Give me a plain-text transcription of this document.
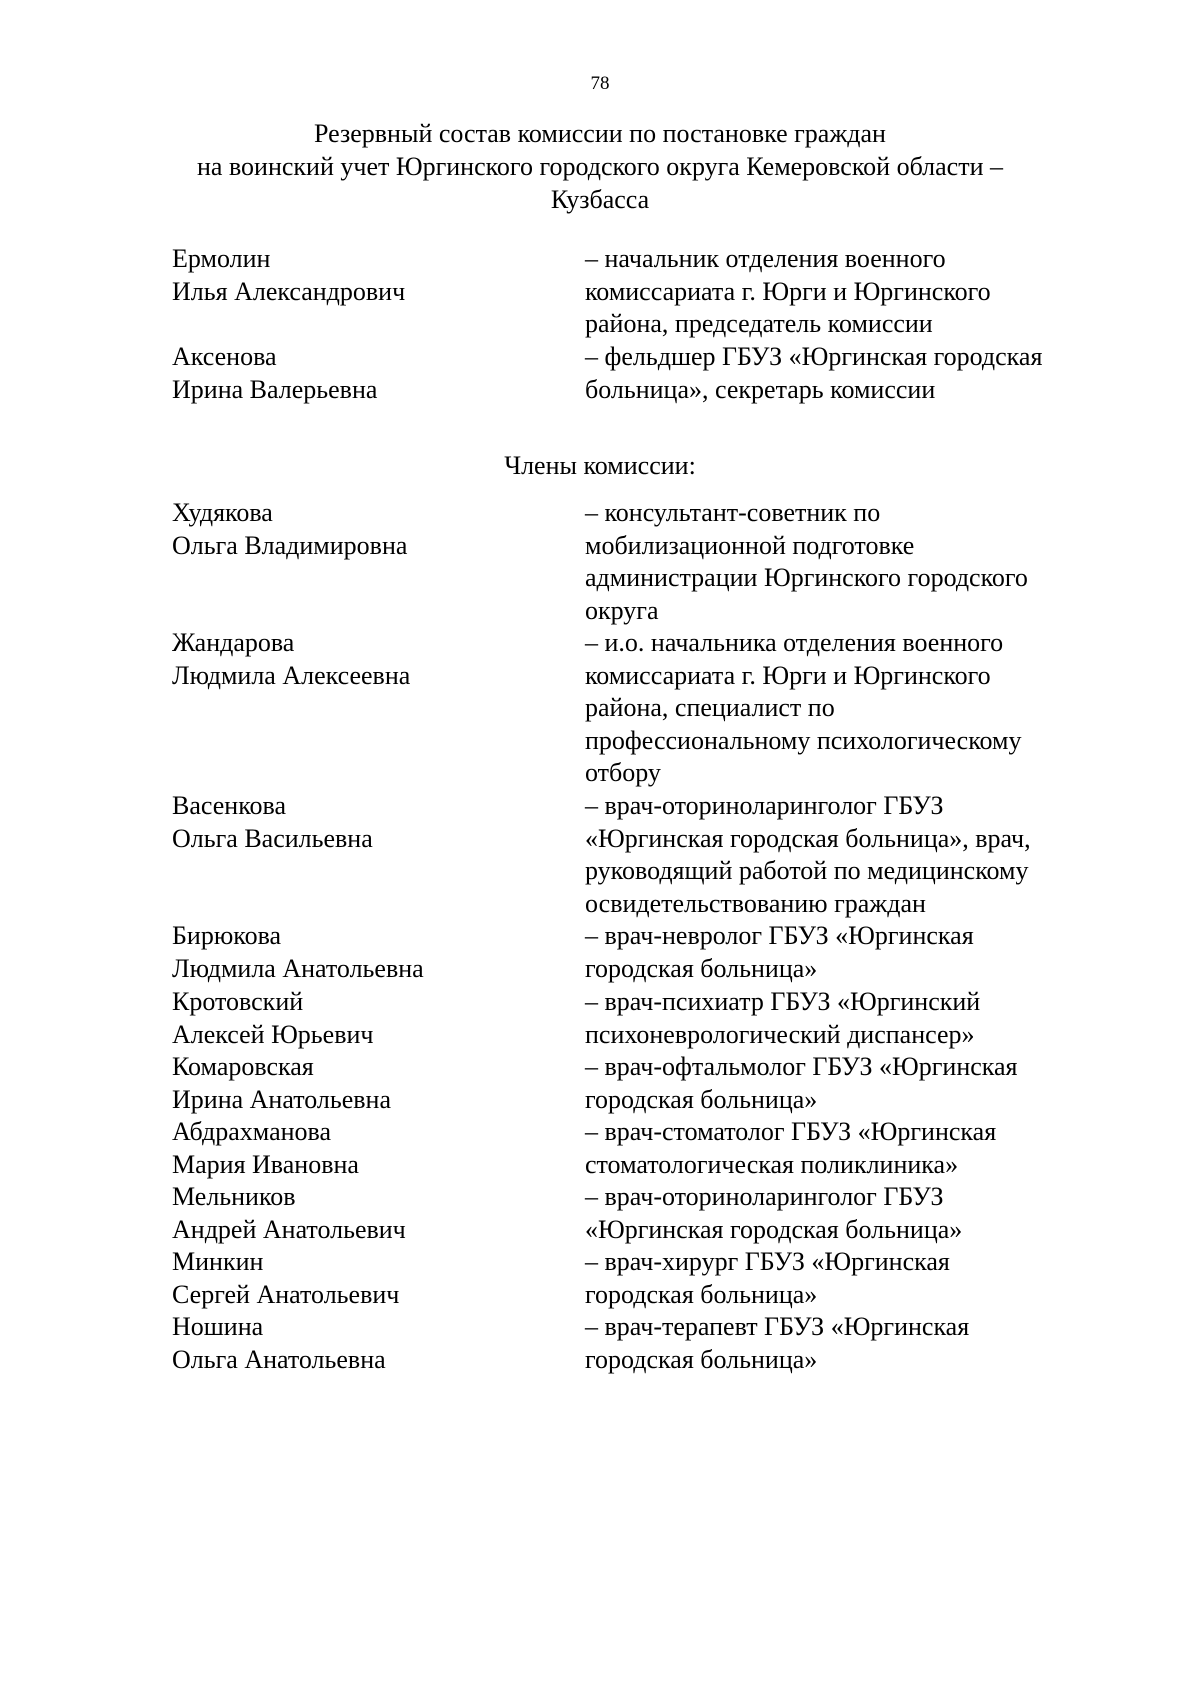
78
Резервный состав комиссии по постановке граждан
на воинский учет Юргинского городского округа Кемеровской области –
Кузбасса
Ермолин
Илья Александрович
– начальник отделения военного
комиссариата г. Юрги и Юргинского
района, председатель комиссии
Аксенова
Ирина Валерьевна
– фельдшер ГБУЗ «Юргинская городская
больница», секретарь комиссии
Члены комиссии:
Худякова
Ольга Владимировна
– консультант-советник по
мобилизационной подготовке
администрации Юргинского городского
округа
Жандарова
Людмила Алексеевна
– и.о. начальника отделения военного
комиссариата г. Юрги и Юргинского
района, специалист по
профессиональному психологическому
отбору
Васенкова
Ольга Васильевна
– врач-оториноларинголог ГБУЗ
«Юргинская городская больница», врач,
руководящий работой по медицинскому
освидетельствованию граждан
Бирюкова
Людмила Анатольевна
– врач-невролог ГБУЗ «Юргинская
городская больница»
Кротовский
Алексей Юрьевич
– врач-психиатр ГБУЗ «Юргинский
психоневрологический диспансер»
Комаровская
Ирина Анатольевна
– врач-офтальмолог ГБУЗ «Юргинская
городская больница»
Абдрахманова
Мария Ивановна
– врач-стоматолог ГБУЗ «Юргинская
стоматологическая поликлиника»
Мельников
Андрей Анатольевич
– врач-оториноларинголог ГБУЗ
«Юргинская городская больница»
Минкин
Сергей Анатольевич
– врач-хирург ГБУЗ «Юргинская
городская больница»
Ношина
Ольга Анатольевна
– врач-терапевт ГБУЗ «Юргинская
городская больница»
